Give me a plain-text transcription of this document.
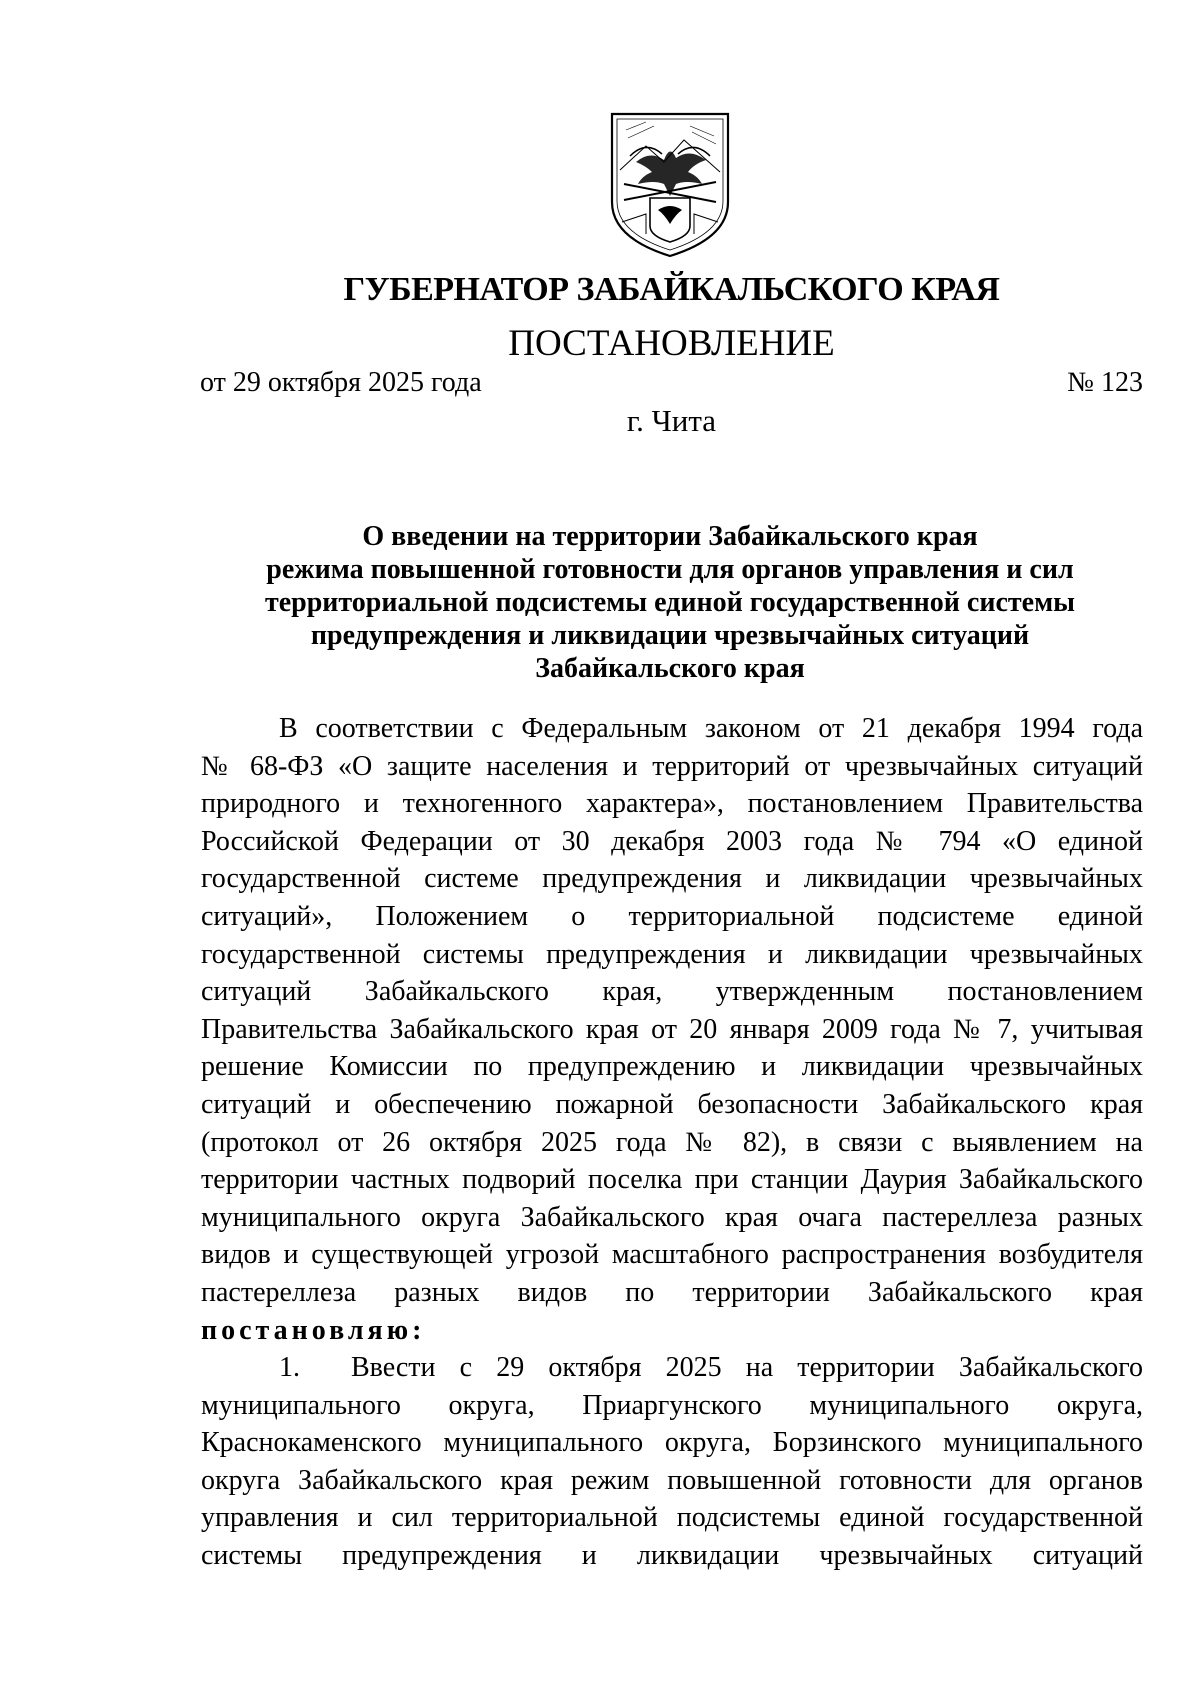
ГУБЕРНАТОР ЗАБАЙКАЛЬСКОГО КРАЯ
ПОСТАНОВЛЕНИЕ
от 29 октября 2025 года	№ 123
г. Чита
О введении на территории Забайкальского края
режима повышенной готовности для органов управления и сил
территориальной подсистемы единой государственной системы
предупреждения и ликвидации чрезвычайных ситуаций
Забайкальского края
В соответствии с Федеральным законом от 21 декабря 1994 года
№ 68-ФЗ «О защите населения и территорий от чрезвычайных ситуаций
природного и техногенного характера», постановлением Правительства
Российской Федерации от 30 декабря 2003 года № 794 «О единой
государственной системе предупреждения и ликвидации чрезвычайных
ситуаций», Положением о территориальной подсистеме единой
государственной системы предупреждения и ликвидации чрезвычайных
ситуаций Забайкальского края, утвержденным постановлением
Правительства Забайкальского края от 20 января 2009 года № 7, учитывая
решение Комиссии по предупреждению и ликвидации чрезвычайных
ситуаций и обеспечению пожарной безопасности Забайкальского края
(протокол от 26 октября 2025 года № 82), в связи с выявлением на
территории частных подворий поселка при станции Даурия Забайкальского
муниципального округа Забайкальского края очага пастереллеза разных
видов и существующей угрозой масштабного распространения возбудителя
пастереллеза разных видов по территории Забайкальского края
постановляю:
1. Ввести с 29 октября 2025 на территории Забайкальского
муниципального округа, Приаргунского муниципального округа,
Краснокаменского муниципального округа, Борзинского муниципального
округа Забайкальского края режим повышенной готовности для органов
управления и сил территориальной подсистемы единой государственной
системы предупреждения и ликвидации чрезвычайных ситуаций
